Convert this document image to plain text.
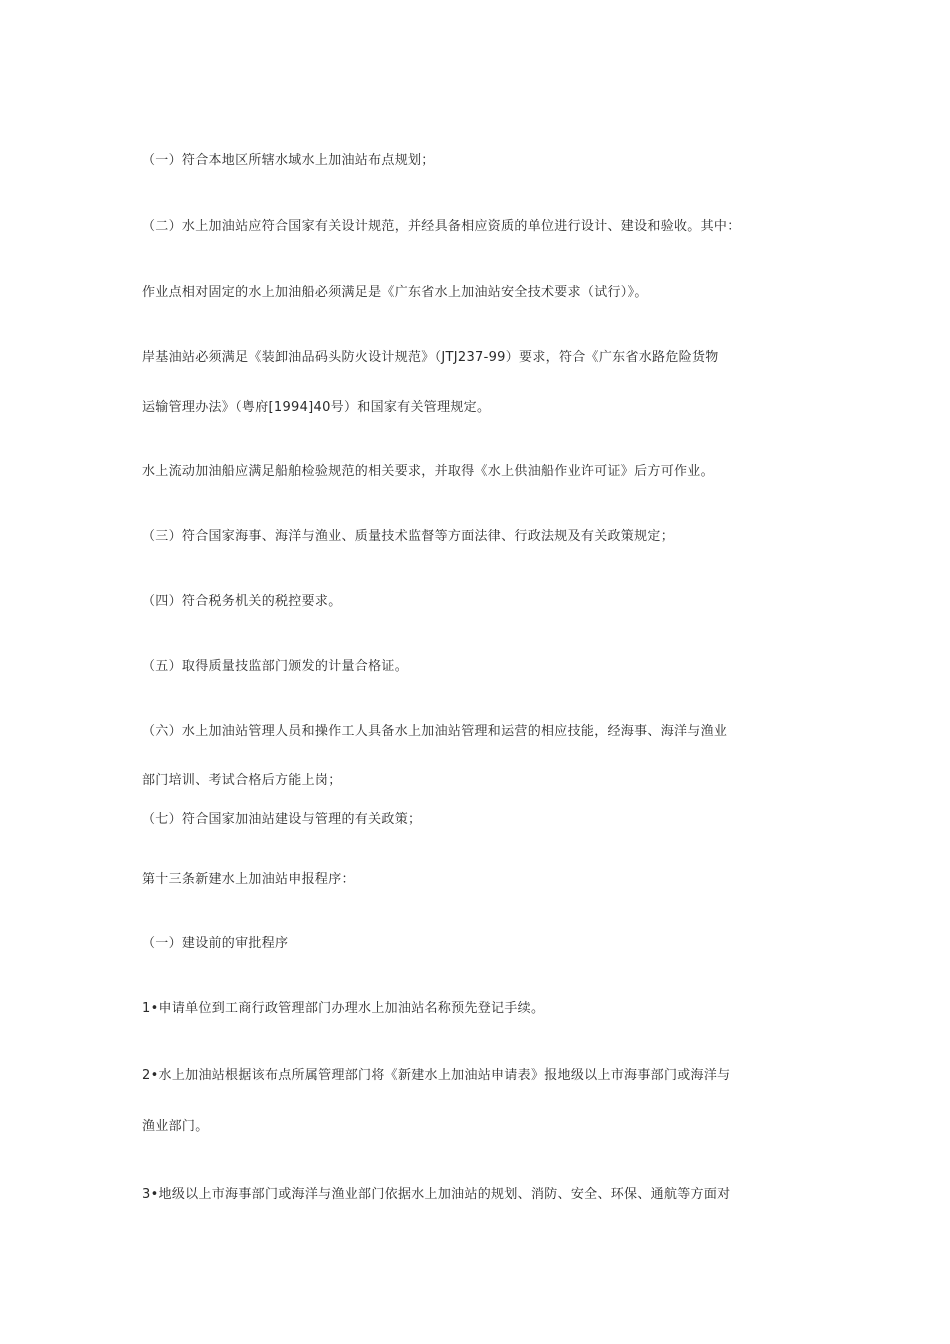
（一）符合本地区所辖水域水上加油站布点规划；
（二）水上加油站应符合国家有关设计规范，并经具备相应资质的单位进行设计、建设和验收。其中：
作业点相对固定的水上加油船必须满足是《广东省水上加油站安全技术要求（试行）》。
岸基油站必须满足《装卸油品码头防火设计规范》（JTJ237-99）要求，符合《广东省水路危险货物
运输管理办法》（粤府[1994]40号）和国家有关管理规定。
水上流动加油船应满足船舶检验规范的相关要求，并取得《水上供油船作业许可证》后方可作业。
（三）符合国家海事、海洋与渔业、质量技术监督等方面法律、行政法规及有关政策规定；
（四）符合税务机关的税控要求。
（五）取得质量技监部门颁发的计量合格证。
（六）水上加油站管理人员和操作工人具备水上加油站管理和运营的相应技能，经海事、海洋与渔业
部门培训、考试合格后方能上岗；
（七）符合国家加油站建设与管理的有关政策；
第十三条新建水上加油站申报程序：
（一）建设前的审批程序
1•申请单位到工商行政管理部门办理水上加油站名称预先登记手续。
2•水上加油站根据该布点所属管理部门将《新建水上加油站申请表》报地级以上市海事部门或海洋与
渔业部门。
3•地级以上市海事部门或海洋与渔业部门依据水上加油站的规划、消防、安全、环保、通航等方面对
